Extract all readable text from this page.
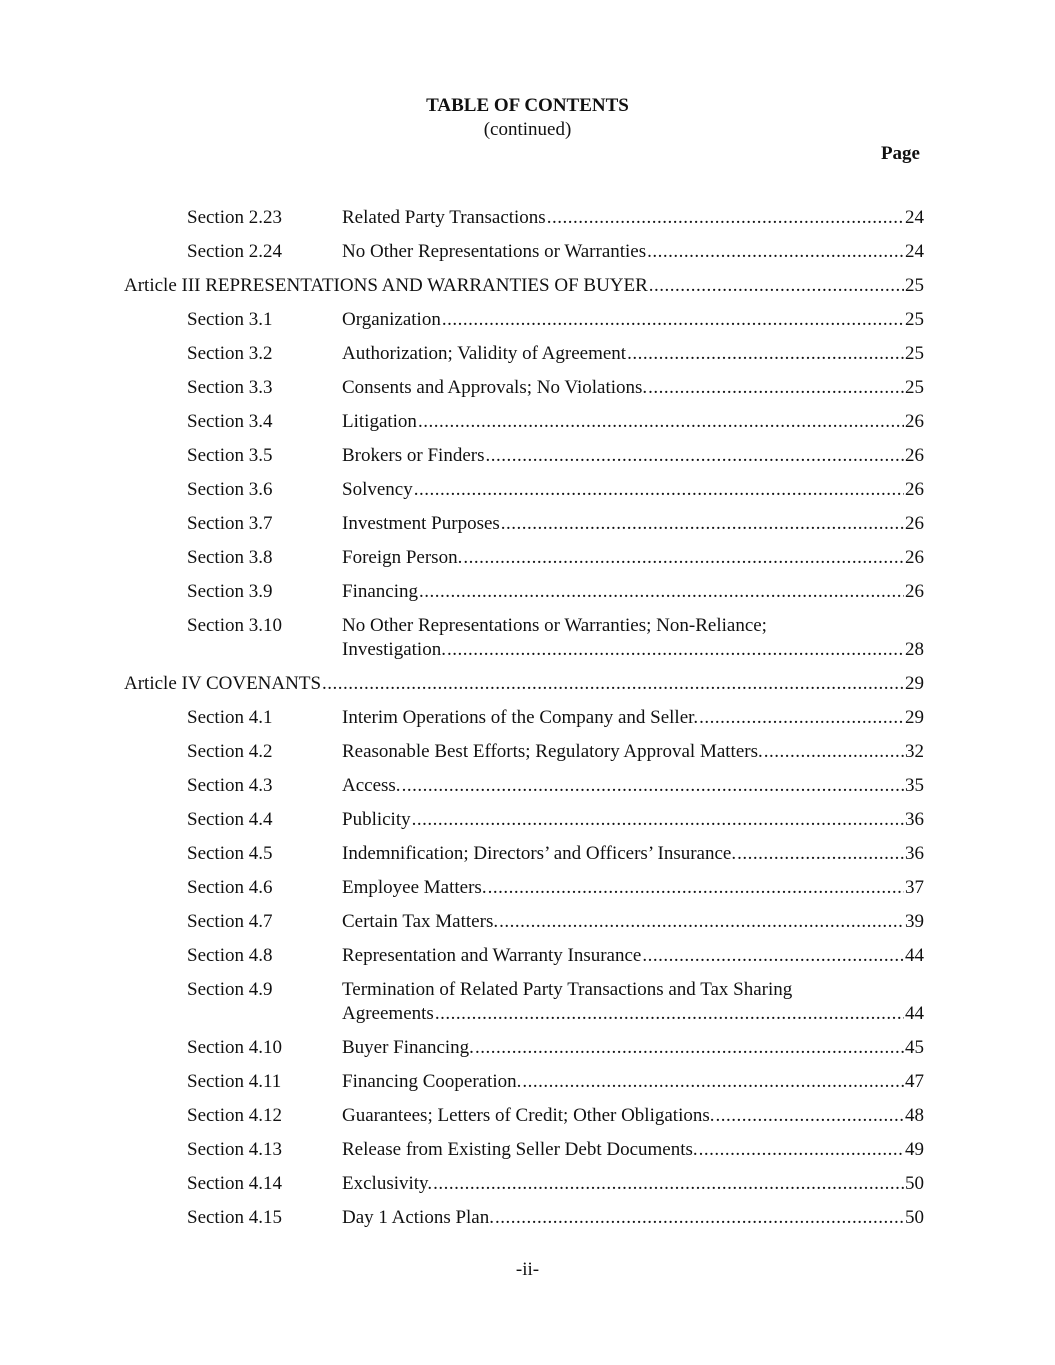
TABLE OF CONTENTS
(continued)
Page
Section 2.23	Related Party Transactions .....	24
Section 2.24	No Other Representations or Warranties .....	24
Article III REPRESENTATIONS AND WARRANTIES OF BUYER .....	25
Section 3.1	Organization .....	25
Section 3.2	Authorization; Validity of Agreement .....	25
Section 3.3	Consents and Approvals; No Violations. .....	25
Section 3.4	Litigation .....	26
Section 3.5	Brokers or Finders .....	26
Section 3.6	Solvency .....	26
Section 3.7	Investment Purposes .....	26
Section 3.8	Foreign Person. .....	26
Section 3.9	Financing .....	26
Section 3.10	No Other Representations or Warranties; Non-Reliance;
Investigation. .....	28
Article IV COVENANTS .....	29
Section 4.1	Interim Operations of the Company and Seller. .....	29
Section 4.2	Reasonable Best Efforts; Regulatory Approval Matters. .....	32
Section 4.3	Access. .....	35
Section 4.4	Publicity .....	36
Section 4.5	Indemnification; Directors’ and Officers’ Insurance. .....	36
Section 4.6	Employee Matters. .....	37
Section 4.7	Certain Tax Matters. .....	39
Section 4.8	Representation and Warranty Insurance .....	44
Section 4.9	Termination of Related Party Transactions and Tax Sharing
Agreements .....	44
Section 4.10	Buyer Financing. .....	45
Section 4.11	Financing Cooperation. .....	47
Section 4.12	Guarantees; Letters of Credit; Other Obligations. .....	48
Section 4.13	Release from Existing Seller Debt Documents. .....	49
Section 4.14	Exclusivity. .....	50
Section 4.15	Day 1 Actions Plan. .....	50
-ii-
